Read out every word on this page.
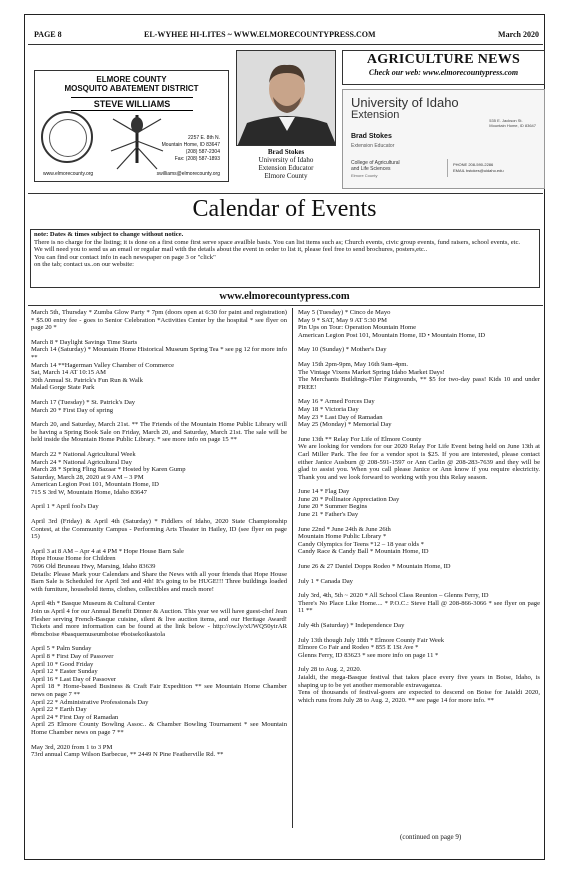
PAGE 8	EL-WYHEE HI-LITES ~ WWW.ELMORECOUNTYPRESS.COM	March 2020
ELMORE COUNTY
MOSQUITO ABATEMENT DISTRICT
STEVE WILLIAMS
2257 E. 8th N.
Mountain Home, ID 83647
(208) 587-2304
Fax: (208) 587-1893
www.elmorecounty.org	swilliams@elmorecounty.org
Brad Stokes
University of Idaho
Extension Educator
Elmore County
AGRICULTURE NEWS
Check our web: www.elmorecountypress.com
University of Idaho
Extension	535 E. Jackson St.
Mountain Home, ID 83647
Brad Stokes
Extension Educator
College of Agricultural
and Life Sciences
Elmore County
PHONE 208-590-2286
EMAIL bstokes@uidaho.edu
Calendar of Events
note: Dates & times subject to change without notice.
There is no charge for the listing; it is done on a first come first serve space availble basis. You can list items such as; Church events, civic group events, fund raisers, school events, etc.
We will need you to send us an email or regular mail with the details about the event in order to list it, please feel free to send brochures, posters,etc..
You can find our contact info in each newspaper on page 3 or "click"
on the tab; contact us..on our website:
www.elmorecountypress.com

March 5th, Thursday * Zumba Glow Party * 7pm (doors open at 6:30 for paint and registration) * $5.00 entry fee - goes to Senior Celebration *Activities Center by the hospital * see flyer on page 20 *

March 8 * Daylight Savings Time Starts
March 14 (Saturday) * Mountain Home Historical Museum Spring Tea * see pg 12 for more info **
March 14 **Hagerman Valley Chamber of Commerce
Sat, March 14 AT 10:15 AM
30th Annual St. Patrick's Fun Run & Walk
Malad Gorge State Park

March 17 (Tuesday) * St. Patrick's Day
March 20 * First Day of spring

March 20, and Saturday, March 21st. ** The Friends of the Mountain Home Public Library will be having a Spring Book Sale on Friday, March 20, and Saturday, March 21st. The sale will be held inside the Mountain Home Public Library. * see more info on page 15 **

March 22 * National Agricultural Week
March 24 * National Agricultural Day
March 28 * Spring Fling Bazaar * Hosted by Karen Gump
Saturday, March 28, 2020 at 9 AM – 3 PM
American Legion Post 101, Mountain Home, ID
715 S 3rd W, Mountain Home, Idaho 83647

April 1 * April fool's Day

April 3rd (Friday) & April 4th (Saturday) * Fiddlers of Idaho, 2020 State Championship Contest, at the Community Campus - Performing Arts Theater in Hailey, ID (see flyer on page 15)

April 3 at 8 AM – Apr 4 at 4 PM * Hope House Barn Sale
Hope House Home for Children
7696 Old Bruneau Hwy, Marsing, Idaho 83639
Details: Please Mark your Calendars and Share the News with all your friends that Hope House Barn Sale is Scheduled for April 3rd and 4th! It's going to be HUGE!!! Three buildings loaded with furniture, household items, clothes, collectibles and much more!

April 4th * Basque Museum & Cultural Center
Join us April 4 for our Annual Benefit Dinner & Auction. This year we will have guest-chef Jean Flesher serving French-Basque cuisine, silent & live auction items, and our Heritage Award! Tickets and more information can be found at the link below - http://ow.ly/xUWQ50yirAR #bmcboise #basquemuseumboise #boisekoikastola

April 5 * Palm Sunday
April 8 * First Day of Passover
April 10 * Good Friday
April 12 * Easter Sunday
April 16 * Last Day of Passover
April 18 * Home-based Business & Craft Fair Expedition ** see Mountain Home Chamber news on page 7 **
April 22 * Administrative Professionals Day
April 22 * Earth Day
April 24 * First Day of Ramadan
April 25 Elmore County Bowling Assoc.. & Chamber Bowling Tournament * see Mountain Home Chamber news on page 7 **

May 3rd, 2020 from 1 to 3 PM
73rd annual Camp Wilson Barbecue, ** 2449 N Pine Featherville Rd. **

May 5 (Tuesday) * Cinco de Mayo
May 9 * SAT, May 9 AT 5:30 PM
Pin Ups on Tour: Operation Mountain Home
American Legion Post 101, Mountain Home, ID • Mountain Home, ID

May 10 (Sunday) * Mother's Day

May 15th 2pm-9pm, May 16th 9am-4pm.
The Vintage Vixens Market Spring Idaho Market Days!
The Merchants Buildings-Filer Fairgrounds, ** $5 for two-day pass! Kids 10 and under FREE!

May 16 * Armed Forces Day
May 18 * Victoria Day
May 23 * Last Day of Ramadan
May 25 (Monday) * Memorial Day

June 13th ** Relay For Life of Elmore County
We are looking for vendors for our 2020 Relay For Life Event being held on June 13th at Carl Miller Park. The fee for a vendor spot is $25. If you are interested, please contact either Janice Ausburn @ 208-591-1597 or Ann Carlin @ 208-283-7639 and they will be glad to assist you. When you call please Janice or Ann know if you require electricity. Thank you and we look forward to working with you this Relay season.

June 14 * Flag Day
June 20 * Pollinator Appreciation Day
June 20 * Summer Begins
June 21 * Father's Day

June 22nd * June 24th & June 26th
Mountain Home Public Library *
Candy Olympics for Teens *12 – 18 year olds *
Candy Race & Candy Ball * Mountain Home, ID

June 26 & 27 Daniel Dopps Rodeo * Mountain Home, ID

July 1 * Canada Day

July 3rd, 4th, 5th ~ 2020 * All School Class Reunion – Glenns Ferry, ID
There's No Place Like Home.... * P.O.C.: Steve Hall @ 208-866-3066 * see flyer on page 11 **

July 4th (Saturday) * Independence Day

July 13th though July 18th * Elmore County Fair Week
Elmore Co Fair and Rodeo * 855 E 1St Ave *
Glenns Ferry, ID 83623 * see more info on page 11 *

July 28 to Aug. 2, 2020.
Jaialdi, the mega-Basque festival that takes place every five years in Boise, Idaho, is shaping up to be yet another memorable extravaganza.
Tens of thousands of festival-goers are expected to descend on Boise for Jaialdi 2020, which runs from July 28 to Aug. 2, 2020. ** see page 14 for more info. **

(continued on page 9)
